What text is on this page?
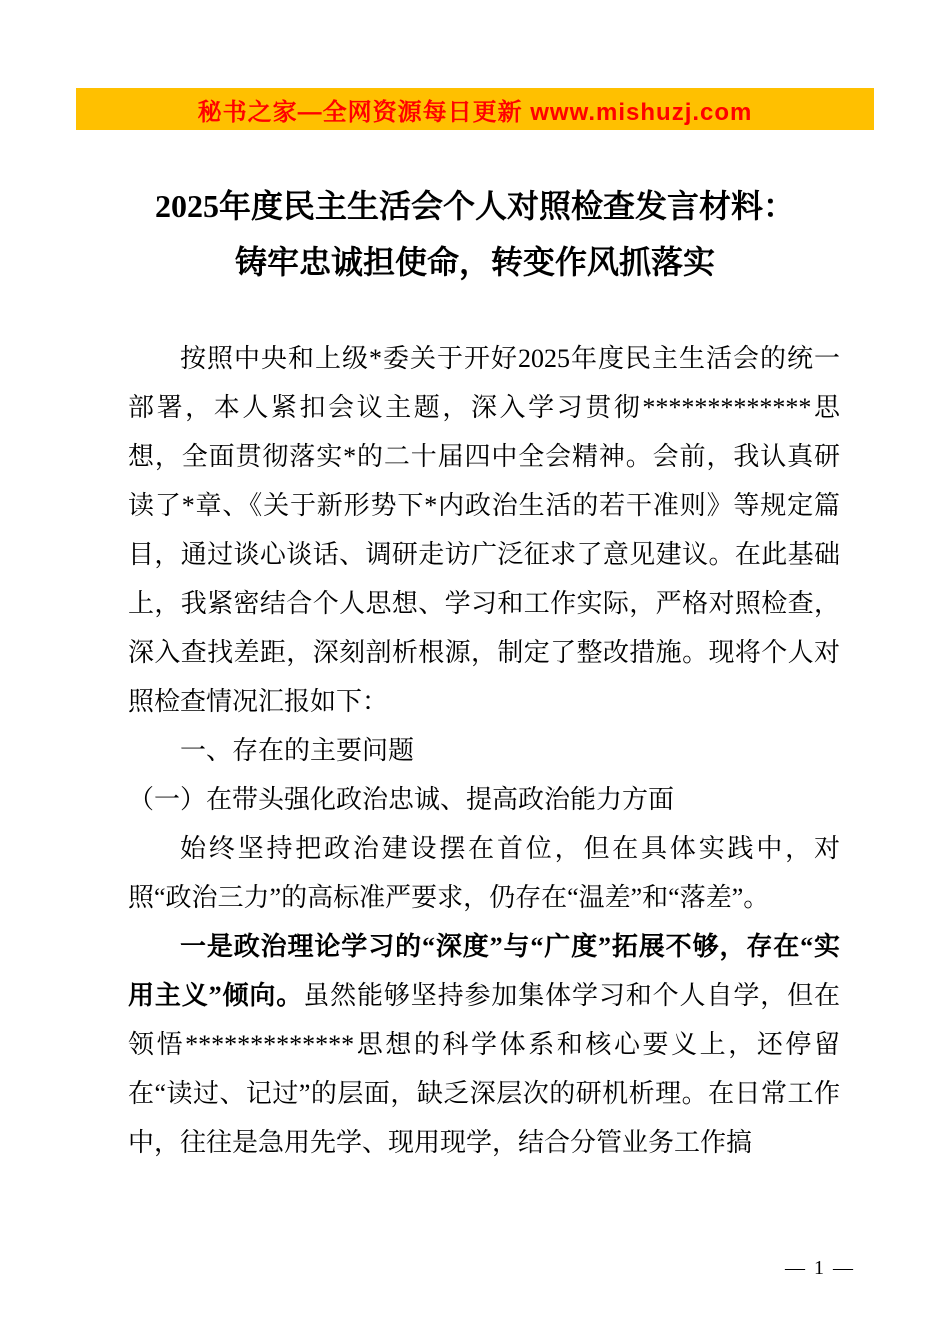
秘书之家—全网资源每日更新 www.mishuzj.com
2025年度民主生活会个人对照检查发言材料：
铸牢忠诚担使命，转变作风抓落实

按照中央和上级*委关于开好2025年度民主生活会的统一部署，本人紧扣会议主题，深入学习贯彻*************思想，全面贯彻落实*的二十届四中全会精神。会前，我认真研读了*章、《关于新形势下*内政治生活的若干准则》等规定篇目，通过谈心谈话、调研走访广泛征求了意见建议。在此基础上，我紧密结合个人思想、学习和工作实际，严格对照检查，深入查找差距，深刻剖析根源，制定了整改措施。现将个人对照检查情况汇报如下：

一、存在的主要问题

（一）在带头强化政治忠诚、提高政治能力方面

始终坚持把政治建设摆在首位，但在具体实践中，对照“政治三力”的高标准严要求，仍存在“温差”和“落差”。

一是政治理论学习的“深度”与“广度”拓展不够，存在“实用主义”倾向。虽然能够坚持参加集体学习和个人自学，但在领悟*************思想的科学体系和核心要义上，还停留在“读过、记过”的层面，缺乏深层次的研机析理。在日常工作中，往往是急用先学、现用现学，结合分管业务工作搞

— 1 —
